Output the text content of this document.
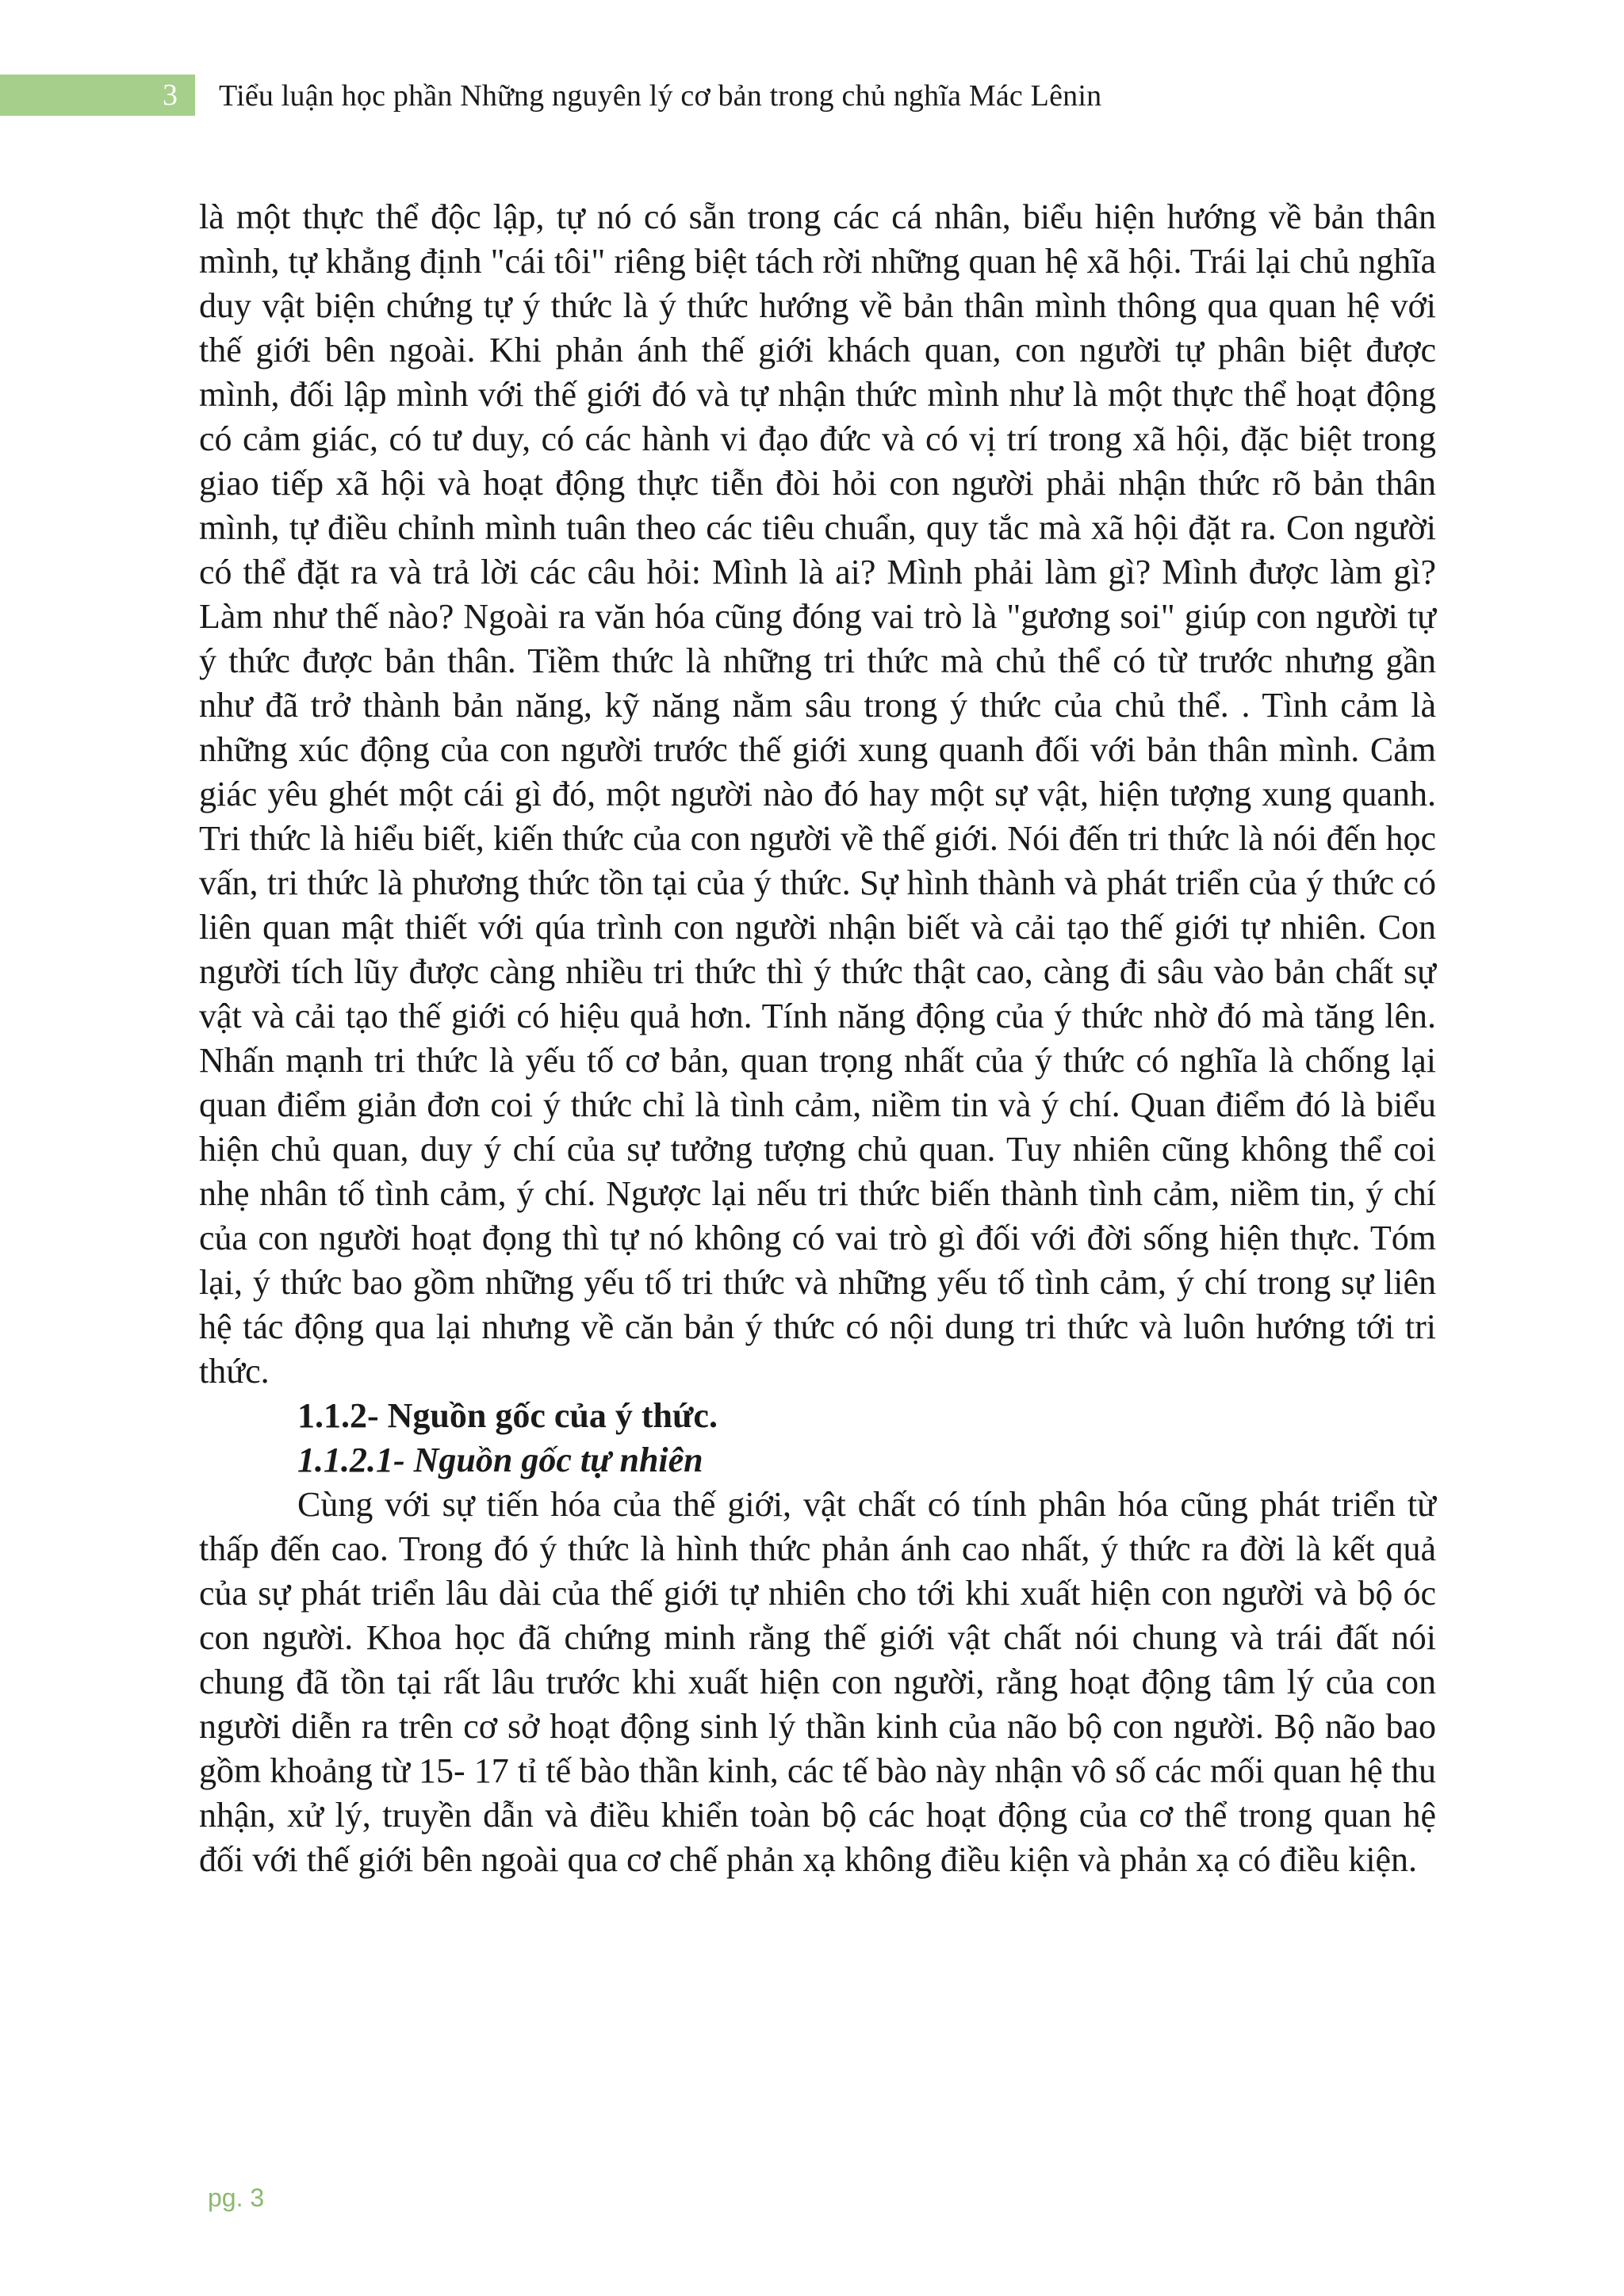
3 Tiểu luận học phần Những nguyên lý cơ bản trong chủ nghĩa Mác Lênin

là một thực thể độc lập, tự nó có sẵn trong các cá nhân, biểu hiện hướng về bản thân mình, tự khẳng định "cái tôi" riêng biệt tách rời những quan hệ xã hội. Trái lại chủ nghĩa duy vật biện chứng tự ý thức là ý thức hướng về bản thân mình thông qua quan hệ với thế giới bên ngoài. Khi phản ánh thế giới khách quan, con người tự phân biệt được mình, đối lập mình với thế giới đó và tự nhận thức mình như là một thực thể hoạt động có cảm giác, có tư duy, có các hành vi đạo đức và có vị trí trong xã hội, đặc biệt trong giao tiếp xã hội và hoạt động thực tiễn đòi hỏi con người phải nhận thức rõ bản thân mình, tự điều chỉnh mình tuân theo các tiêu chuẩn, quy tắc mà xã hội đặt ra. Con người có thể đặt ra và trả lời các câu hỏi: Mình là ai? Mình phải làm gì? Mình được làm gì? Làm như thế nào? Ngoài ra văn hóa cũng đóng vai trò là "gương soi" giúp con người tự ý thức được bản thân. Tiềm thức là những tri thức mà chủ thể có từ trước nhưng gần như đã trở thành bản năng, kỹ năng nằm sâu trong ý thức của chủ thể. . Tình cảm là những xúc động của con người trước thế giới xung quanh đối với bản thân mình. Cảm giác yêu ghét một cái gì đó, một người nào đó hay một sự vật, hiện tượng xung quanh. Tri thức là hiểu biết, kiến thức của con người về thế giới. Nói đến tri thức là nói đến học vấn, tri thức là phương thức tồn tại của ý thức. Sự hình thành và phát triển của ý thức có liên quan mật thiết với qúa trình con người nhận biết và cải tạo thế giới tự nhiên. Con người tích lũy được càng nhiều tri thức thì ý thức thật cao, càng đi sâu vào bản chất sự vật và cải tạo thế giới có hiệu quả hơn. Tính năng động của ý thức nhờ đó mà tăng lên. Nhấn mạnh tri thức là yếu tố cơ bản, quan trọng nhất của ý thức có nghĩa là chống lại quan điểm giản đơn coi ý thức chỉ là tình cảm, niềm tin và ý chí. Quan điểm đó là biểu hiện chủ quan, duy ý chí của sự tưởng tượng chủ quan. Tuy nhiên cũng không thể coi nhẹ nhân tố tình cảm, ý chí. Ngược lại nếu tri thức biến thành tình cảm, niềm tin, ý chí của con người hoạt đọng thì tự nó không có vai trò gì đối với đời sống hiện thực. Tóm lại, ý thức bao gồm những yếu tố tri thức và những yếu tố tình cảm, ý chí trong sự liên hệ tác động qua lại nhưng về căn bản ý thức có nội dung tri thức và luôn hướng tới tri thức.

1.1.2- Nguồn gốc của ý thức.

1.1.2.1- Nguồn gốc tự nhiên

Cùng với sự tiến hóa của thế giới, vật chất có tính phân hóa cũng phát triển từ thấp đến cao. Trong đó ý thức là hình thức phản ánh cao nhất, ý thức ra đời là kết quả của sự phát triển lâu dài của thế giới tự nhiên cho tới khi xuất hiện con người và bộ óc con người. Khoa học đã chứng minh rằng thế giới vật chất nói chung và trái đất nói chung đã tồn tại rất lâu trước khi xuất hiện con người, rằng hoạt động tâm lý của con người diễn ra trên cơ sở hoạt động sinh lý thần kinh của não bộ con người. Bộ não bao gồm khoảng từ 15- 17 tỉ tế bào thần kinh, các tế bào này nhận vô số các mối quan hệ thu nhận, xử lý, truyền dẫn và điều khiển toàn bộ các hoạt động của cơ thể trong quan hệ đối với thế giới bên ngoài qua cơ chế phản xạ không điều kiện và phản xạ có điều kiện.

pg. 3
